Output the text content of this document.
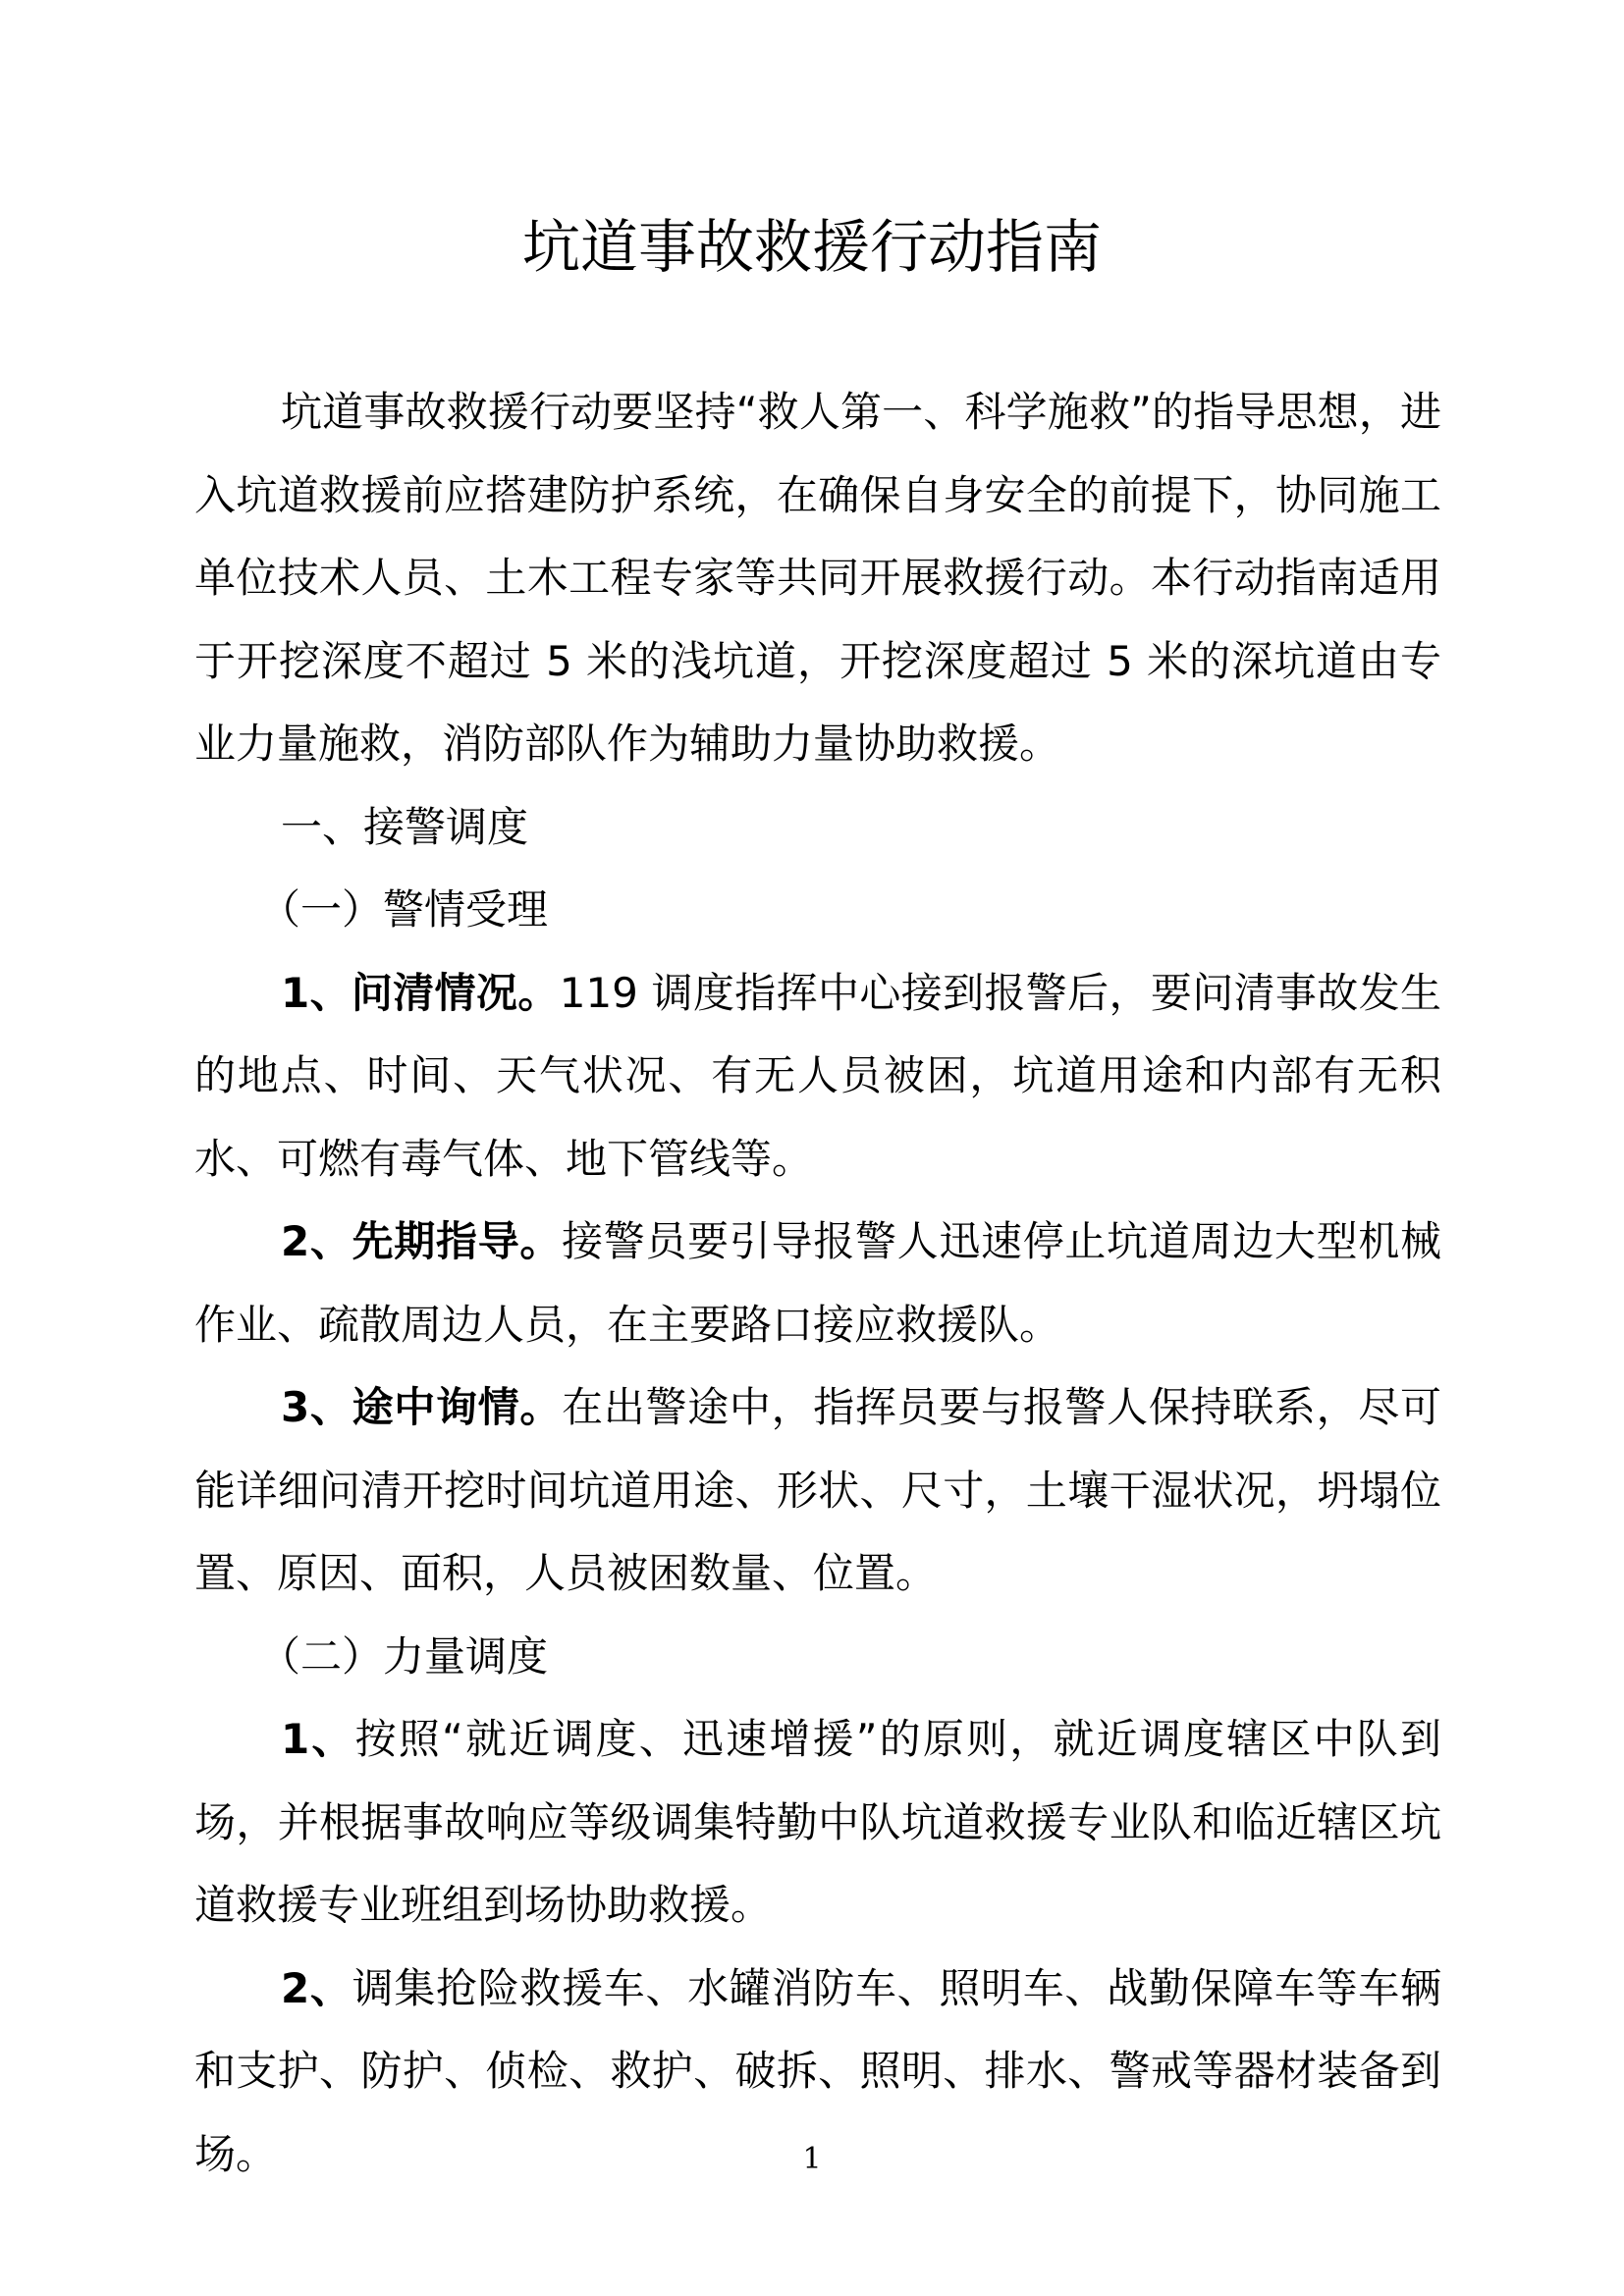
坑道事故救援行动指南

坑道事故救援行动要坚持“救人第一、科学施救”的指导思想，进入坑道救援前应搭建防护系统，在确保自身安全的前提下，协同施工单位技术人员、土木工程专家等共同开展救援行动。本行动指南适用于开挖深度不超过 5 米的浅坑道，开挖深度超过 5 米的深坑道由专业力量施救，消防部队作为辅助力量协助救援。

一、接警调度

（一）警情受理

1、问清情况。119 调度指挥中心接到报警后，要问清事故发生的地点、时间、天气状况、有无人员被困，坑道用途和内部有无积水、可燃有毒气体、地下管线等。

2、先期指导。接警员要引导报警人迅速停止坑道周边大型机械作业、疏散周边人员，在主要路口接应救援队。

3、途中询情。在出警途中，指挥员要与报警人保持联系，尽可能详细问清开挖时间坑道用途、形状、尺寸，土壤干湿状况，坍塌位置、原因、面积，人员被困数量、位置。

（二）力量调度

1、按照“就近调度、迅速增援”的原则，就近调度辖区中队到场，并根据事故响应等级调集特勤中队坑道救援专业队和临近辖区坑道救援专业班组到场协助救援。

2、调集抢险救援车、水罐消防车、照明车、战勤保障车等车辆和支护、防护、侦检、救护、破拆、照明、排水、警戒等器材装备到场。	1
